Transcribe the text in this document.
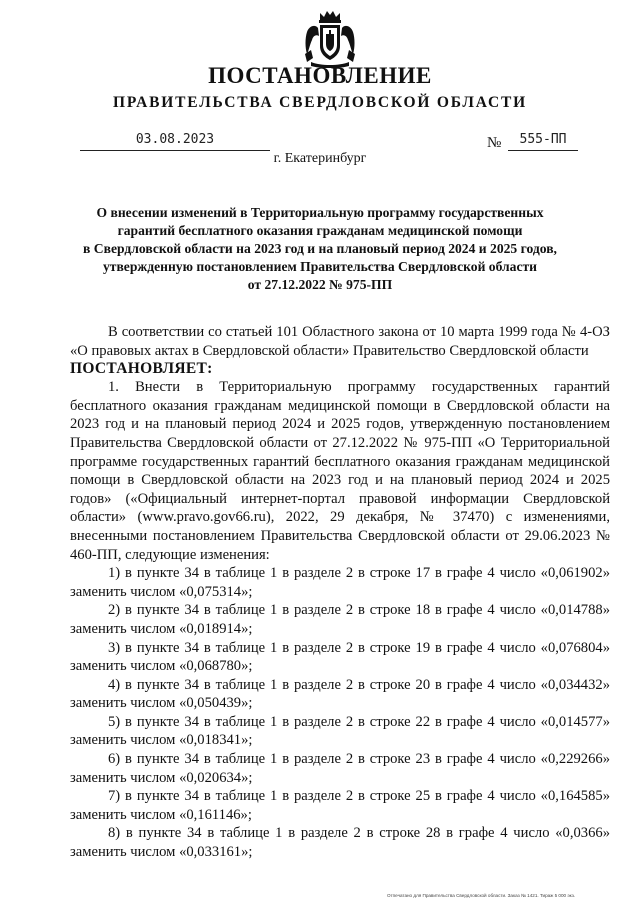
ПОСТАНОВЛЕНИЕ
ПРАВИТЕЛЬСТВА СВЕРДЛОВСКОЙ ОБЛАСТИ
03.08.2023	№	555-ПП
г. Екатеринбург
О внесении изменений в Территориальную программу государственных
гарантий бесплатного оказания гражданам медицинской помощи
в Свердловской области на 2023 год и на плановый период 2024 и 2025 годов,
утвержденную постановлением Правительства Свердловской области
от 27.12.2022 № 975-ПП

В соответствии со статьей 101 Областного закона от 10 марта 1999 года № 4-ОЗ «О правовых актах в Свердловской области» Правительство Свердловской области

ПОСТАНОВЛЯЕТ:

1. Внести в Территориальную программу государственных гарантий бесплатного оказания гражданам медицинской помощи в Свердловской области на 2023 год и на плановый период 2024 и 2025 годов, утвержденную постановлением Правительства Свердловской области от 27.12.2022 № 975-ПП «О Территориальной программе государственных гарантий бесплатного оказания гражданам медицинской помощи в Свердловской области на 2023 год и на плановый период 2024 и 2025 годов» («Официальный интернет-портал правовой информации Свердловской области» (www.pravo.gov66.ru), 2022, 29 декабря, № 37470) с изменениями, внесенными постановлением Правительства Свердловской области от 29.06.2023 № 460-ПП, следующие изменения:

1) в пункте 34 в таблице 1 в разделе 2 в строке 17 в графе 4 число «0,061902» заменить числом «0,075314»;

2) в пункте 34 в таблице 1 в разделе 2 в строке 18 в графе 4 число «0,014788» заменить числом «0,018914»;

3) в пункте 34 в таблице 1 в разделе 2 в строке 19 в графе 4 число «0,076804» заменить числом «0,068780»;

4) в пункте 34 в таблице 1 в разделе 2 в строке 20 в графе 4 число «0,034432» заменить числом «0,050439»;

5) в пункте 34 в таблице 1 в разделе 2 в строке 22 в графе 4 число «0,014577» заменить числом «0,018341»;

6) в пункте 34 в таблице 1 в разделе 2 в строке 23 в графе 4 число «0,229266» заменить числом «0,020634»;

7) в пункте 34 в таблице 1 в разделе 2 в строке 25 в графе 4 число «0,164585» заменить числом «0,161146»;

8) в пункте 34 в таблице 1 в разделе 2 в строке 28 в графе 4 число «0,0366» заменить числом «0,033161»;

Отпечатано для Правительства Свердловской области. Заказ № 1421. Тираж 5 000 экз.
